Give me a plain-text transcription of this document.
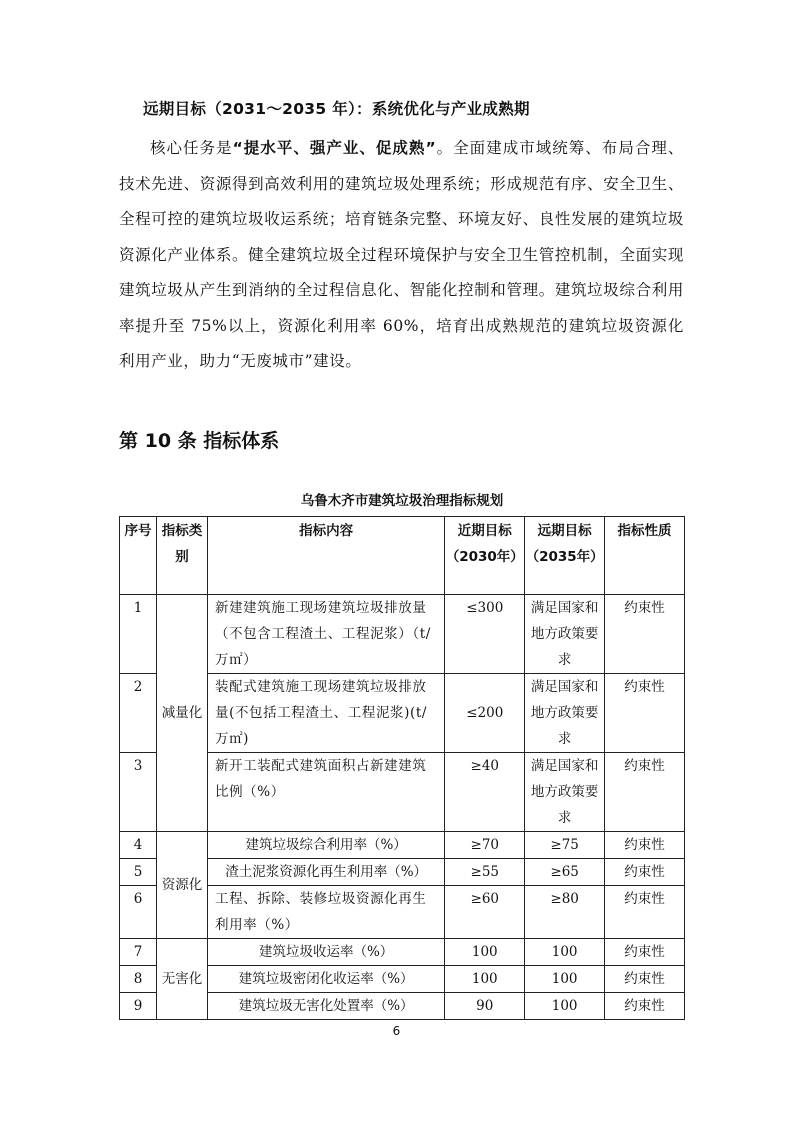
远期目标（2031～2035 年）：系统优化与产业成熟期
核心任务是“提水平、强产业、促成熟”。全面建成市域统筹、布局合理、技术先进、资源得到高效利用的建筑垃圾处理系统；形成规范有序、安全卫生、全程可控的建筑垃圾收运系统；培育链条完整、环境友好、良性发展的建筑垃圾资源化产业体系。健全建筑垃圾全过程环境保护与安全卫生管控机制，全面实现建筑垃圾从产生到消纳的全过程信息化、智能化控制和管理。建筑垃圾综合利用率提升至 75%以上，资源化利用率 60%，培育出成熟规范的建筑垃圾资源化利用产业，助力“无废城市”建设。
第 10 条 指标体系
乌鲁木齐市建筑垃圾治理指标规划
序号	指标类别	指标内容	近期目标（2030年）	远期目标（2035年）	指标性质
1	减量化	新建建筑施工现场建筑垃圾排放量（不包含工程渣土、工程泥浆）（t/万㎡）	≤300	满足国家和地方政策要求	约束性
2		装配式建筑施工现场建筑垃圾排放量(不包括工程渣土、工程泥浆)(t/万㎡)	≤200	满足国家和地方政策要求	约束性
3		新开工装配式建筑面积占新建建筑比例（%）	≥40	满足国家和地方政策要求	约束性
4	资源化	建筑垃圾综合利用率（%）	≥70	≥75	约束性
5		渣土泥浆资源化再生利用率（%）	≥55	≥65	约束性
6		工程、拆除、装修垃圾资源化再生利用率（%）	≥60	≥80	约束性
7	无害化	建筑垃圾收运率（%）	100	100	约束性
8		建筑垃圾密闭化收运率（%）	100	100	约束性
9		建筑垃圾无害化处置率（%）	90	100	约束性
6
